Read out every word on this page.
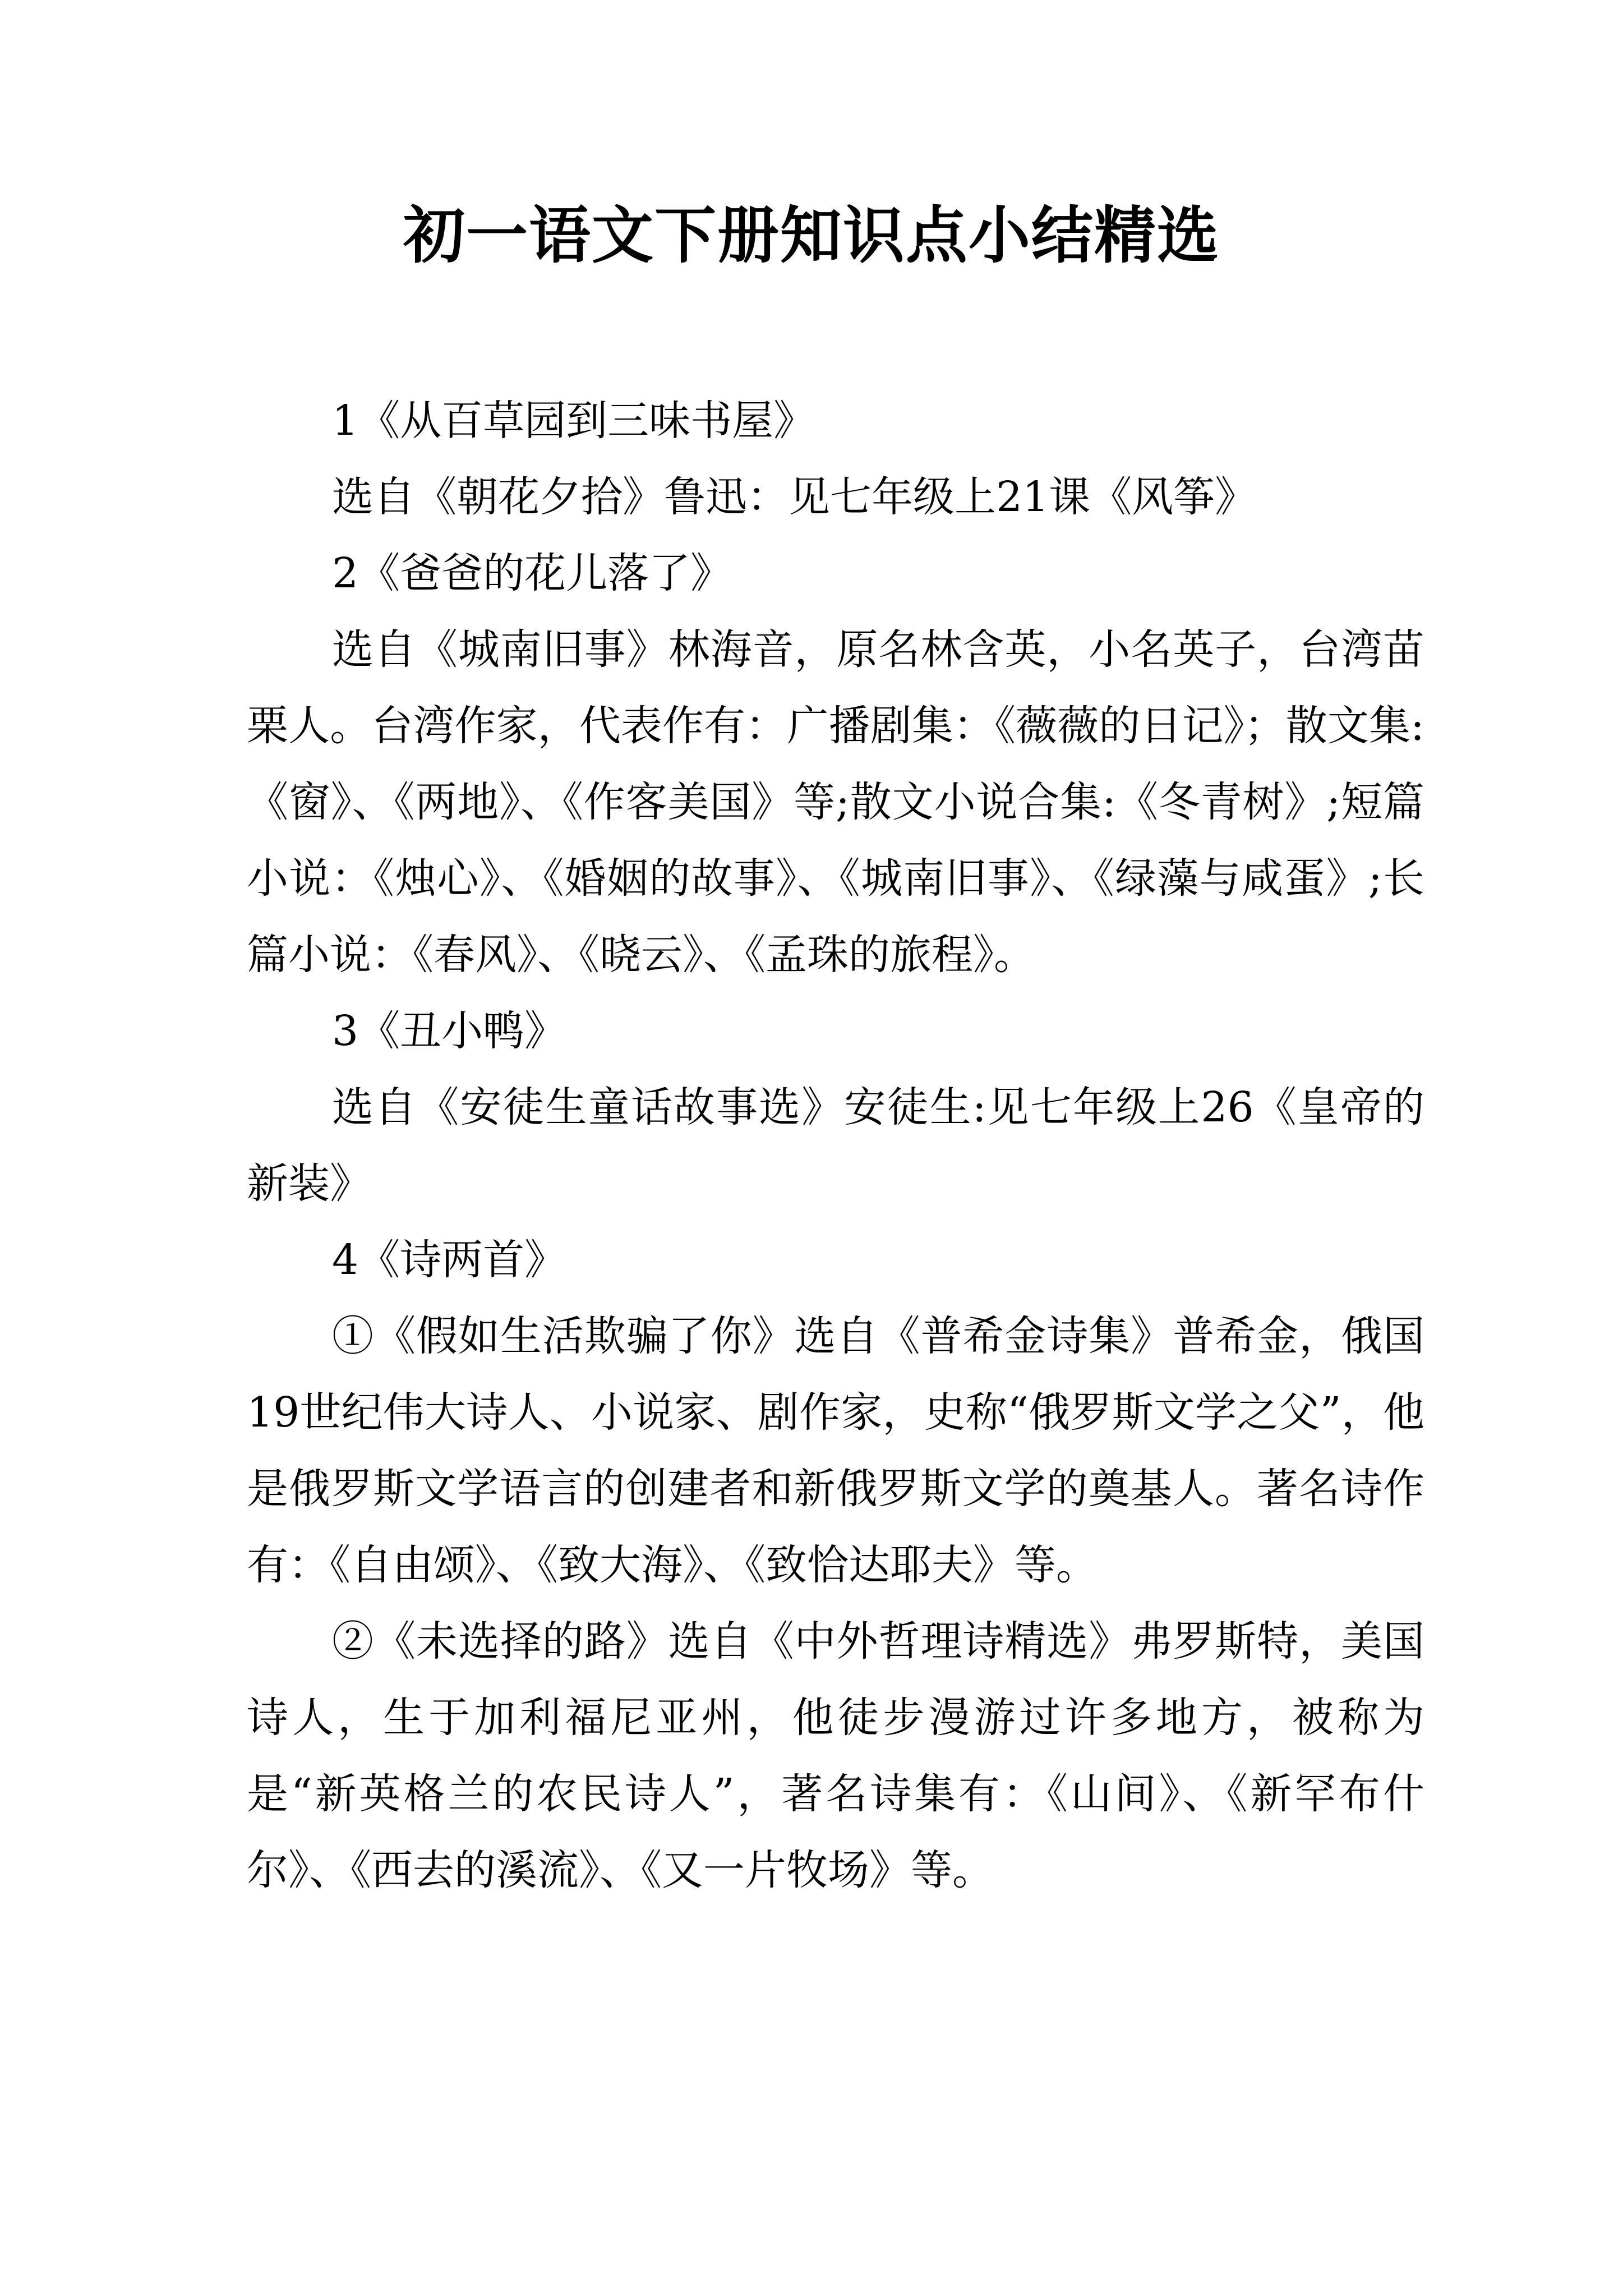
初一语文下册知识点小结精选

1《从百草园到三味书屋》

选自《朝花夕拾》鲁迅：见七年级上21课《风筝》

2《爸爸的花儿落了》

选自《城南旧事》林海音，原名林含英，小名英子，台湾苗栗人。台湾作家，代表作有：广播剧集：《薇薇的日记》；散文集:《窗》、《两地》、《作客美国》等;散文小说合集:《冬青树》;短篇小说：《烛心》、《婚姻的故事》、《城南旧事》、《绿藻与咸蛋》;长篇小说：《春风》、《晓云》、《孟珠的旅程》。

3《丑小鸭》

选自《安徒生童话故事选》安徒生:见七年级上26《皇帝的新装》

4《诗两首》

①《假如生活欺骗了你》选自《普希金诗集》普希金，俄国19世纪伟大诗人、小说家、剧作家，史称“俄罗斯文学之父”，他是俄罗斯文学语言的创建者和新俄罗斯文学的奠基人。著名诗作有：《自由颂》、《致大海》、《致恰达耶夫》等。

②《未选择的路》选自《中外哲理诗精选》弗罗斯特，美国诗人，生于加利福尼亚州，他徒步漫游过许多地方，被称为是“新英格兰的农民诗人”，著名诗集有：《山间》、《新罕布什尔》、《西去的溪流》、《又一片牧场》等。
